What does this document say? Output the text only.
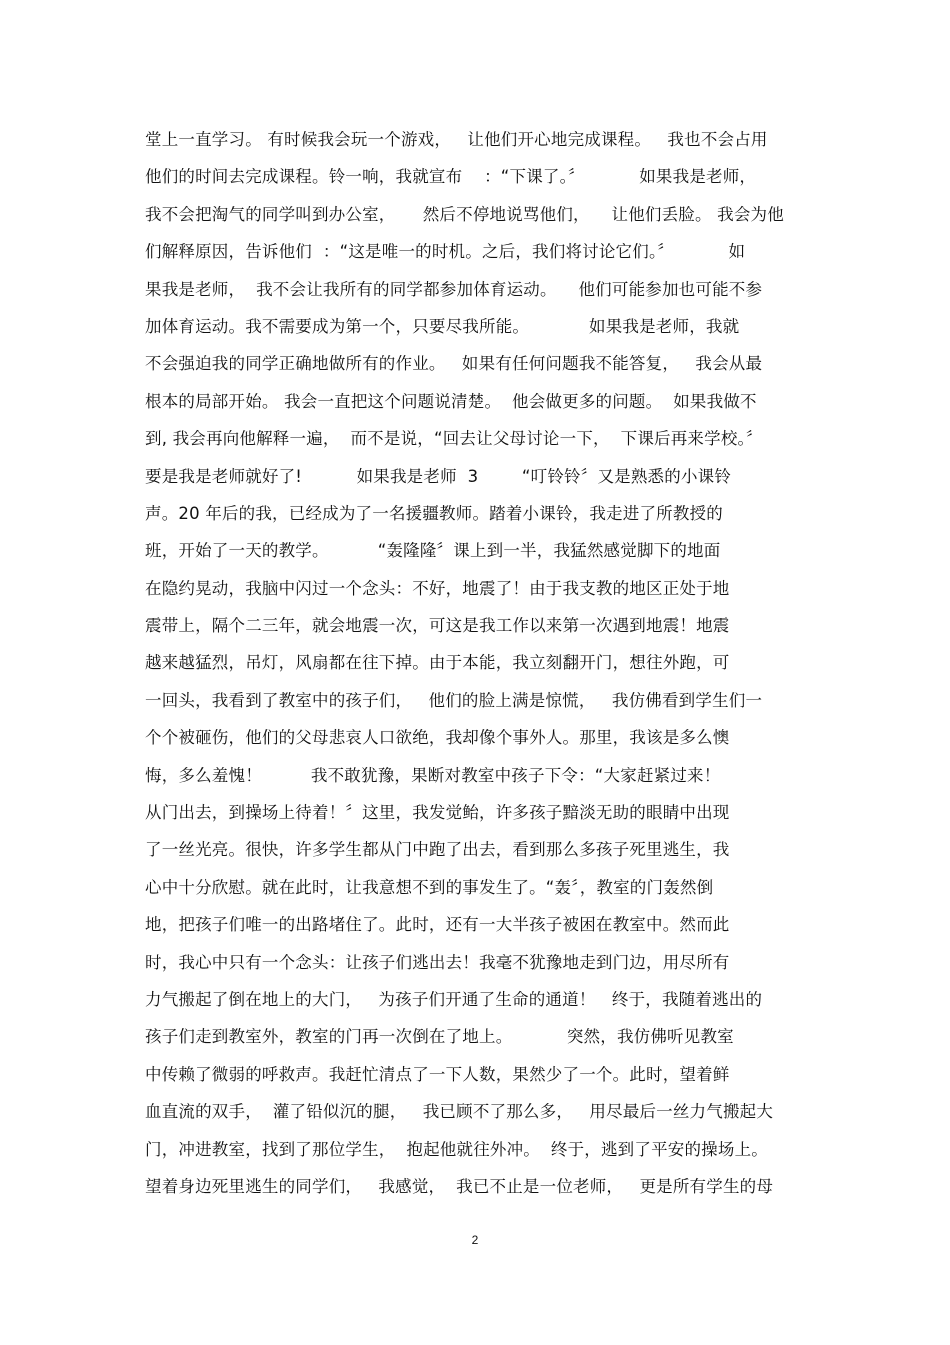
堂上一直学习。 有时候我会玩一个游戏，   让他们开心地完成课程。   我也不会占用
他们的时间去完成课程。铃一响，我就宣布    ：“下课了。〞          如果我是老师，
我不会把淘气的同学叫到办公室，     然后不停地说骂他们，    让他们丢脸。 我会为他
们解释原因，告诉他们  ：“这是唯一的时机。之后，我们将讨论它们。〞          如
果我是老师，  我不会让我所有的同学都参加体育运动。    他们可能参加也可能不参
加体育运动。我不需要成为第一个，只要尽我所能。           如果我是老师，我就
不会强迫我的同学正确地做所有的作业。   如果有任何问题我不能答复，   我会从最
根本的局部开始。 我会一直把这个问题说清楚。  他会做更多的问题。  如果我做不
到, 我会再向他解释一遍，  而不是说，“回去让父母讨论一下，  下课后再来学校。〞
要是我是老师就好了!          如果我是老师  3        “叮铃铃〞又是熟悉的小课铃
声。20 年后的我，已经成为了一名援疆教师。踏着小课铃，我走进了所教授的
班，开始了一天的教学。         “轰隆隆〞课上到一半，我猛然感觉脚下的地面
在隐约晃动，我脑中闪过一个念头：不好，地震了！由于我支教的地区正处于地
震带上，隔个二三年，就会地震一次，可这是我工作以来第一次遇到地震！地震
越来越猛烈，吊灯，风扇都在往下掉。由于本能，我立刻翻开门，想往外跑，可
一回头，我看到了教室中的孩子们，   他们的脸上满是惊慌，   我仿佛看到学生们一
个个被砸伤，他们的父母悲哀人口欲绝，我却像个事外人。那里，我该是多么懊
悔，多么羞愧！         我不敢犹豫，果断对教室中孩子下令：“大家赶紧过来！
从门出去，到操场上待着！〞这里，我发觉鲐，许多孩子黯淡无助的眼睛中出现
了一丝光亮。很快，许多学生都从门中跑了出去，看到那么多孩子死里逃生，我
心中十分欣慰。就在此时，让我意想不到的事发生了。“轰〞，教室的门轰然倒
地，把孩子们唯一的出路堵住了。此时，还有一大半孩子被困在教室中。然而此
时，我心中只有一个念头：让孩子们逃出去！我毫不犹豫地走到门边，用尽所有
力气搬起了倒在地上的大门，   为孩子们开通了生命的通道！   终于，我随着逃出的
孩子们走到教室外，教室的门再一次倒在了地上。          突然，我仿佛听见教室
中传赖了微弱的呼救声。我赶忙清点了一下人数，果然少了一个。此时，望着鲜
血直流的双手，  灌了铅似沉的腿，   我已顾不了那么多，   用尽最后一丝力气搬起大
门，冲进教室，找到了那位学生，  抱起他就往外冲。  终于，逃到了平安的操场上。
望着身边死里逃生的同学们，   我感觉，  我已不止是一位老师，   更是所有学生的母
2
